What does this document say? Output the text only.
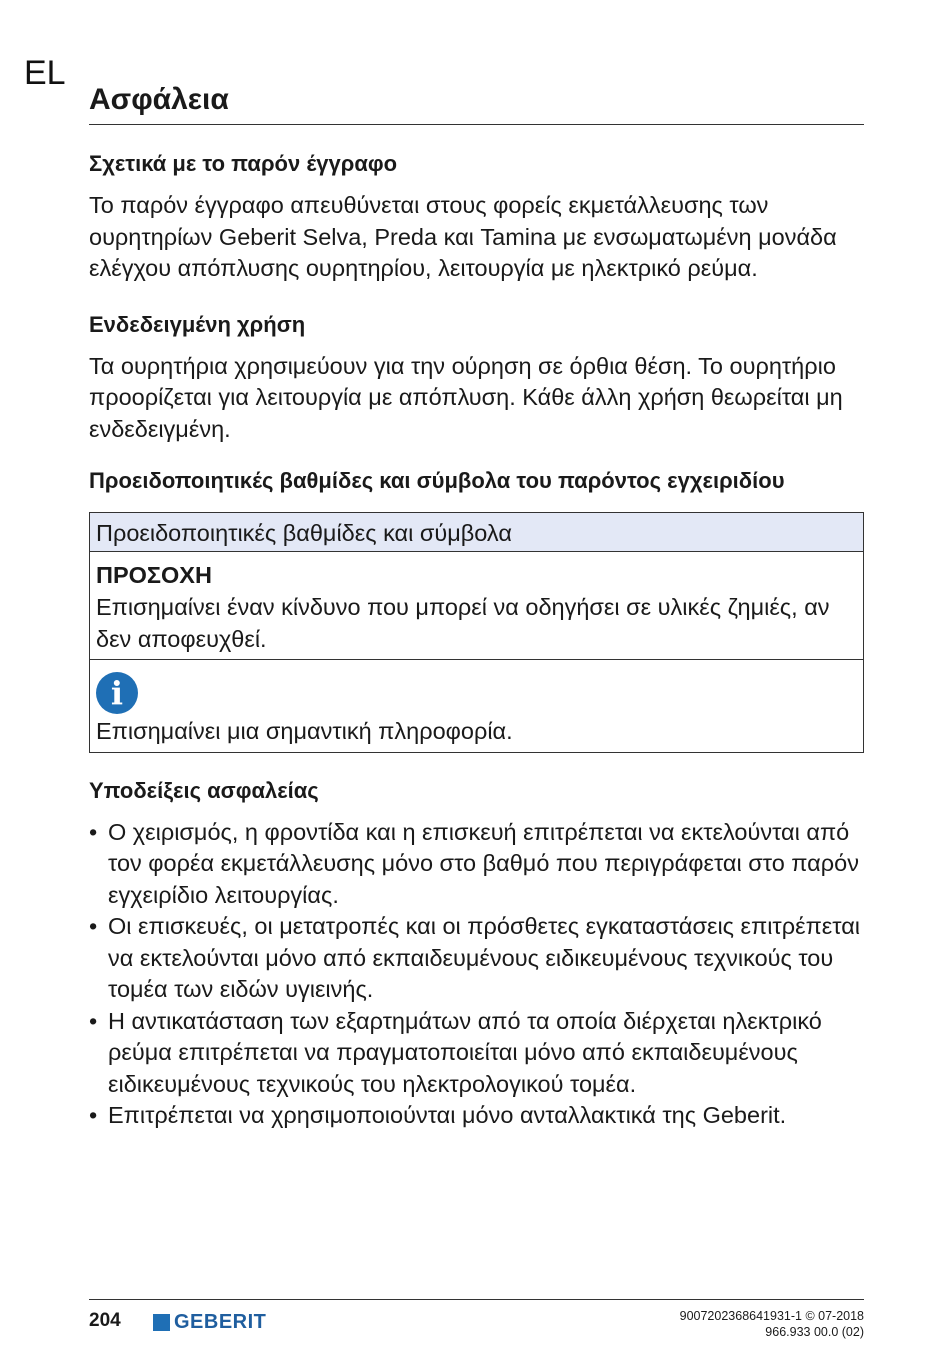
EL
Ασφάλεια
Σχετικά με το παρόν έγγραφο

Το παρόν έγγραφο απευθύνεται στους φορείς εκμετάλλευσης των ουρητηρίων Geberit Selva, Preda και Tamina με ενσωματωμένη μονάδα ελέγχου απόπλυσης ουρητηρίου, λειτουργία με ηλεκτρικό ρεύμα.

Ενδεδειγμένη χρήση

Τα ουρητήρια χρησιμεύουν για την ούρηση σε όρθια θέση. Το ουρητήριο προορίζεται για λειτουργία με απόπλυση. Κάθε άλλη χρήση θεωρείται μη ενδεδειγμένη.

Προειδοποιητικές βαθμίδες και σύμβολα του παρόντος εγχειριδίου
Προειδοποιητικές βαθμίδες και σύμβολα
ΠΡΟΣΟΧΗ
Επισημαίνει έναν κίνδυνο που μπορεί να οδηγήσει σε υλικές ζημιές, αν δεν αποφευχθεί.
i
Επισημαίνει μια σημαντική πληροφορία.
Υποδείξεις ασφαλείας
• Ο χειρισμός, η φροντίδα και η επισκευή επιτρέπεται να εκτελούνται από τον φορέα εκμετάλλευσης μόνο στο βαθμό που περιγράφεται στο παρόν εγχειρίδιο λειτουργίας.
• Οι επισκευές, οι μετατροπές και οι πρόσθετες εγκαταστάσεις επιτρέπεται να εκτελούνται μόνο από εκπαιδευμένους ειδικευμένους τεχνικούς του τομέα των ειδών υγιεινής.
• Η αντικατάσταση των εξαρτημάτων από τα οποία διέρχεται ηλεκτρικό ρεύμα επιτρέπεται να πραγματοποιείται μόνο από εκπαιδευμένους ειδικευμένους τεχνικούς του ηλεκτρολογικού τομέα.
• Επιτρέπεται να χρησιμοποιούνται μόνο ανταλλακτικά της Geberit.
204	GEBERIT	9007202368641931-1 © 07-2018
966.933 00.0 (02)
